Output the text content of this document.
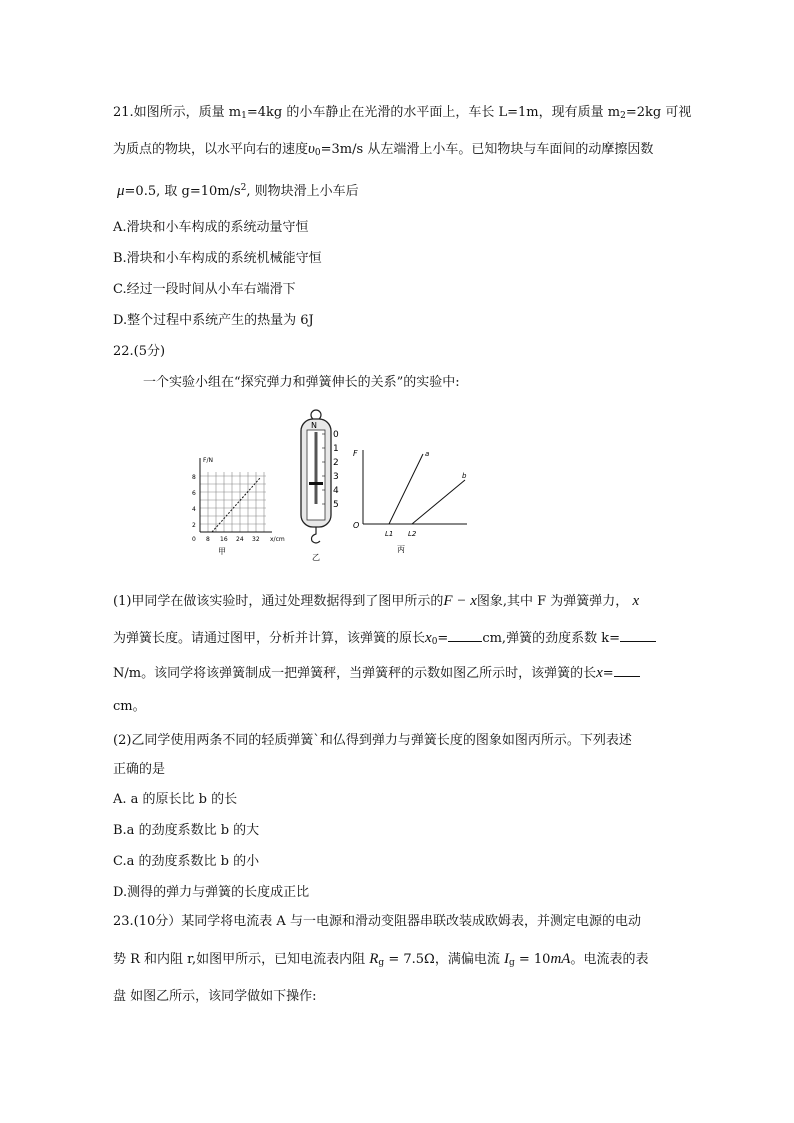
21.如图所示，质量 $m_1=4kg$ 的小车静止在光滑的水平面上，车长 L=1m，现有质量 $m_2=2kg$ 可视
为质点的物块，以水平向右的速度$\upsilon_0=3m/s$ 从左端滑上小车。已知物块与车面间的动摩擦因数
μ=0.5, 取 $g=10m/s^2$, 则物块滑上小车后
A.滑块和小车构成的系统动量守恒
B.滑块和小车构成的系统机械能守恒
C.经过一段时间从小车右端滑下
D.整个过程中系统产生的热量为 6J
22.(5分)
一个实验小组在“探究弹力和弹簧伸长的关系”的实验中:
F/N
8
6
4
2
0 8 16 24 32 x/cm
甲
N
0
1
2
3
4
5
乙
F	a
b
O
L1 L2
丙
(1)甲同学在做该实验时，通过处理数据得到了图甲所示的F − x图象,其中 F 为弹簧弹力， x
为弹簧长度。请通过图甲，分析并计算，该弹簧的原长$x_0=$	cm,弹簧的劲度系数 k=
N/m。该同学将该弹簧制成一把弹簧秤，当弹簧秤的示数如图乙所示时，该弹簧的长x=
cm。
(2)乙同学使用两条不同的轻质弹簧`和仏得到弹力与弹簧长度的图象如图丙所示。下列表述
正确的是
A. a 的原长比 b 的长
B.a 的劲度系数比 b 的大
C.a 的劲度系数比 b 的小
D.测得的弹力与弹簧的长度成正比
23.(10分）某同学将电流表 A 与一电源和滑动变阻器串联改装成欧姆表，并测定电源的电动
势 R 和内阻 r,如图甲所示，已知电流表内阻 $R_g = 7.5\Omega$，满偏电流 $I_g = 10mA$。电流表的表
盘 如图乙所示，该同学做如下操作:
